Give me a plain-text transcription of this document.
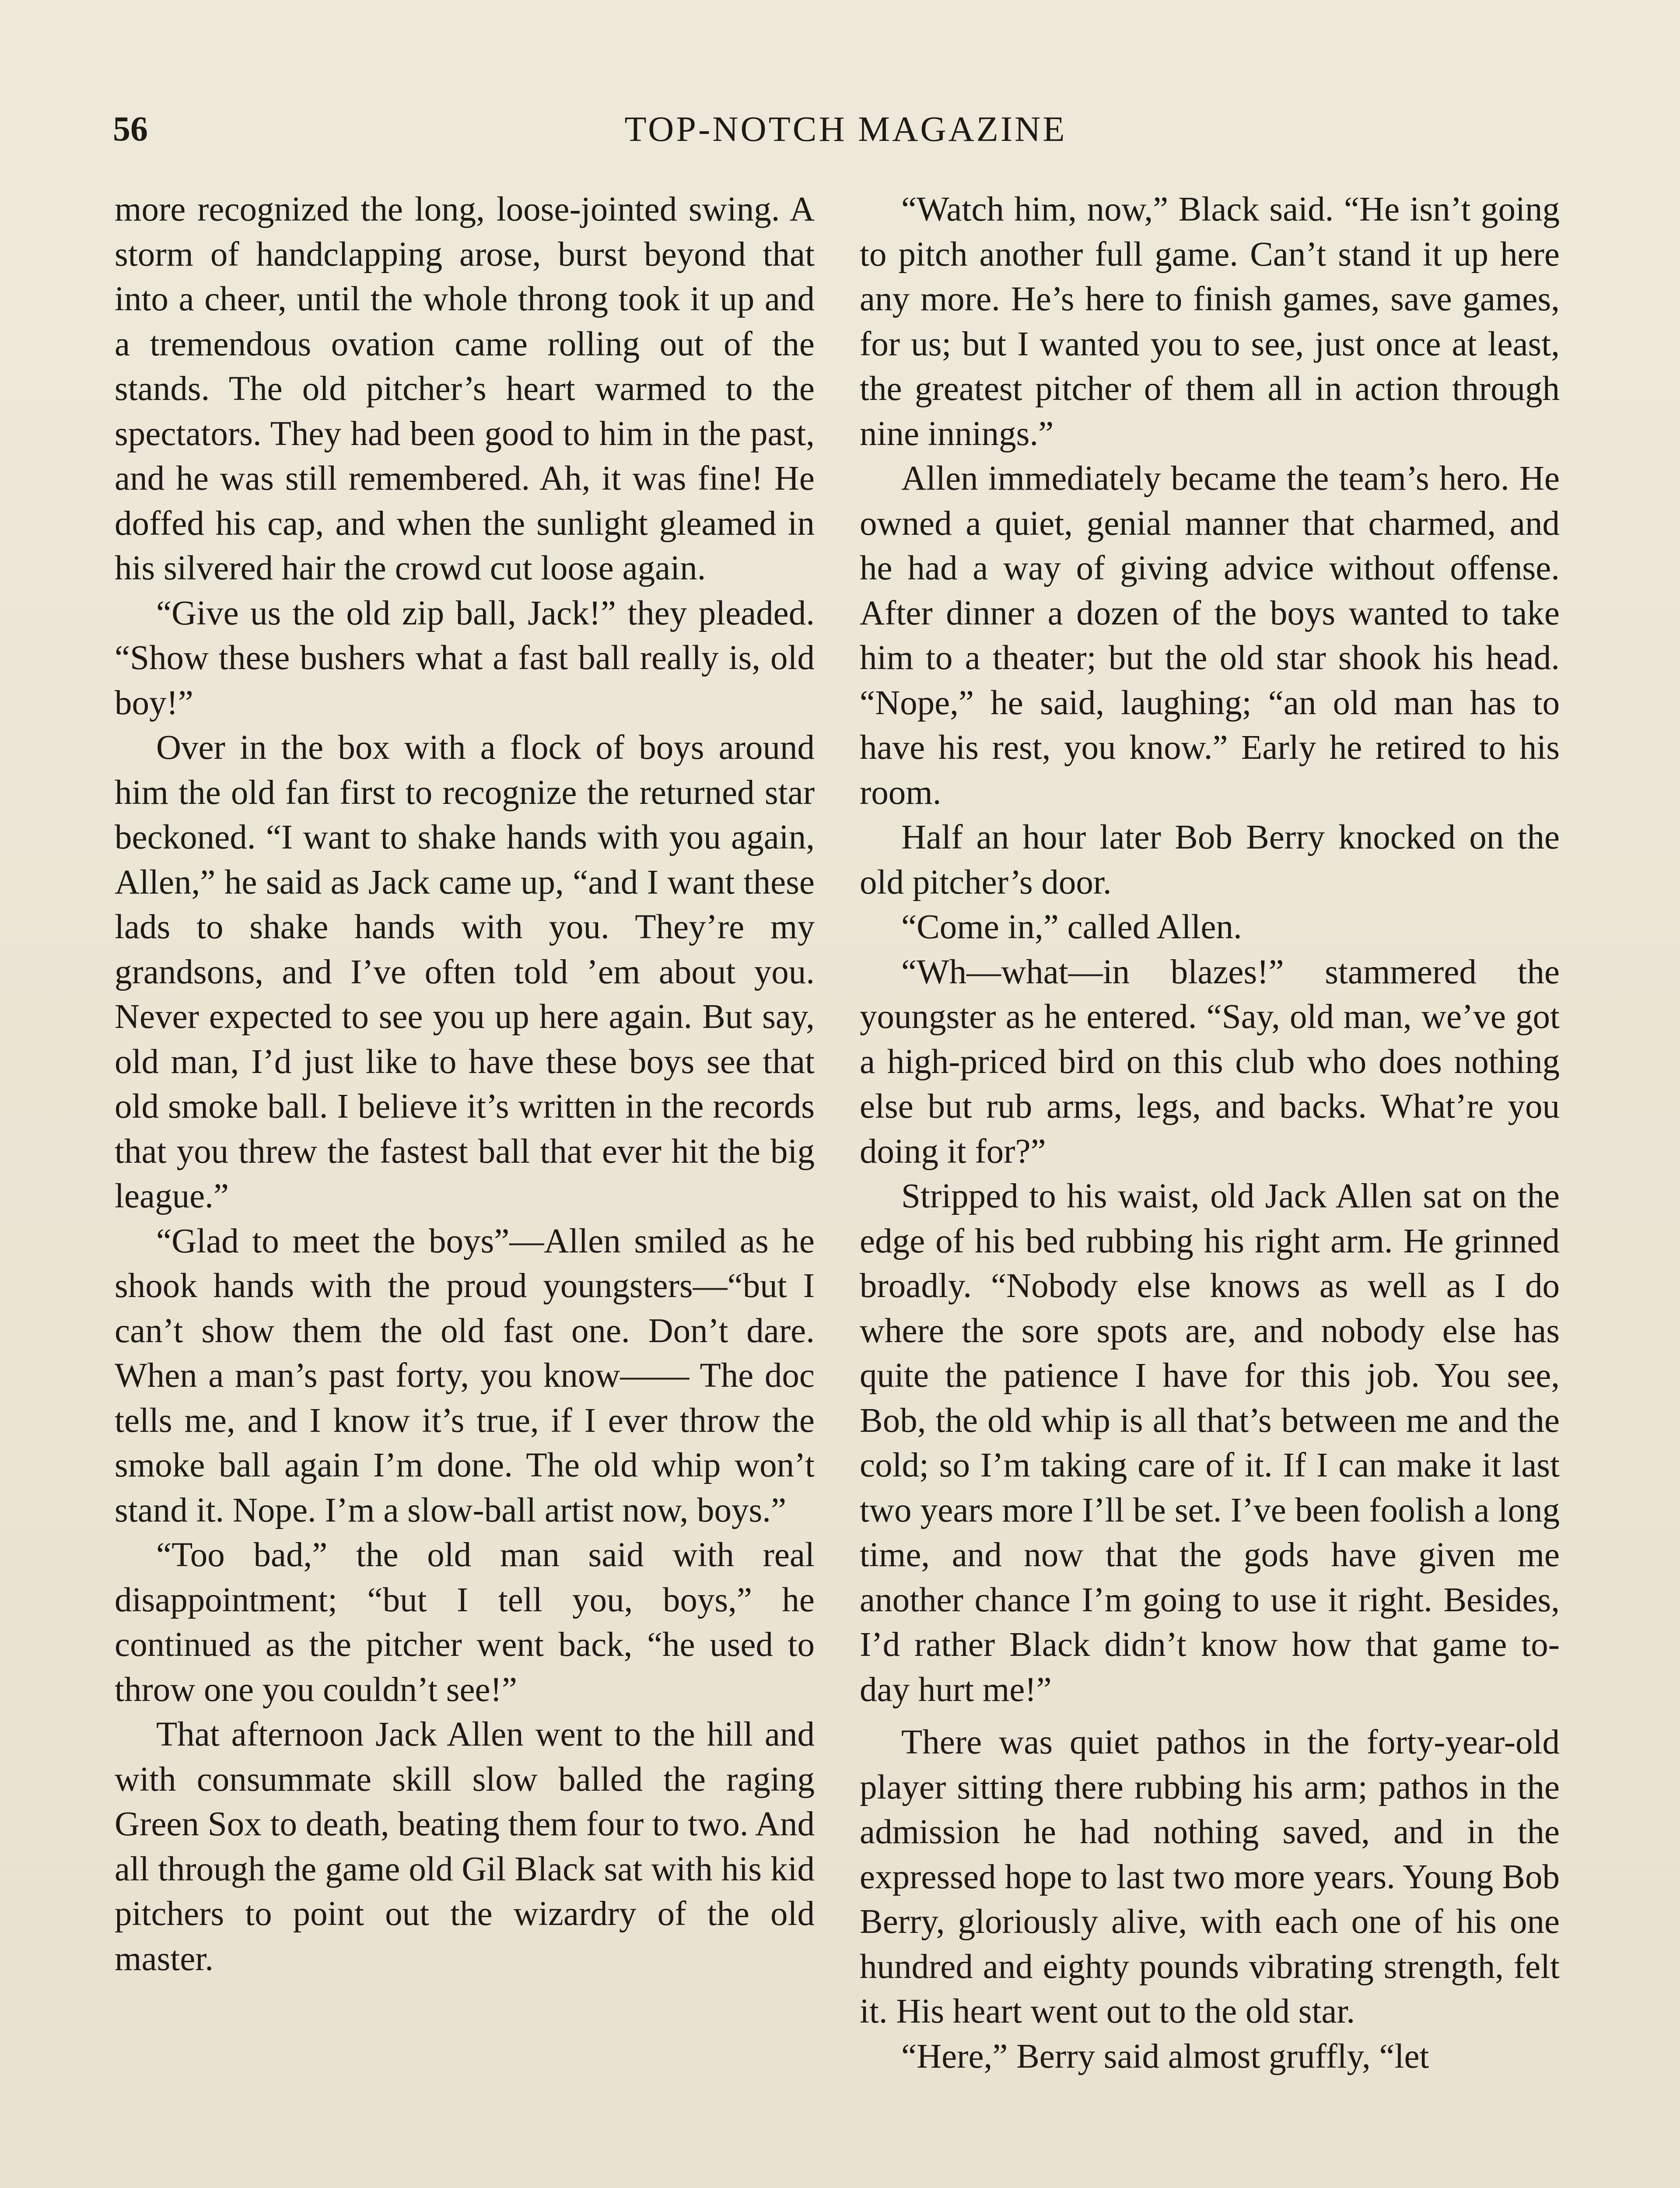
56	TOP-NOTCH MAGAZINE

more recognized the long, loose-jointed swing. A storm of handclapping arose, burst beyond that into a cheer, until the whole throng took it up and a tremendous ovation came rolling out of the stands. The old pitcher’s heart warmed to the spectators. They had been good to him in the past, and he was still remembered. Ah, it was fine! He doffed his cap, and when the sunlight gleamed in his silvered hair the crowd cut loose again.

“Give us the old zip ball, Jack!” they pleaded. “Show these bushers what a fast ball really is, old boy!”

Over in the box with a flock of boys around him the old fan first to recognize the returned star beckoned. “I want to shake hands with you again, Allen,” he said as Jack came up, “and I want these lads to shake hands with you. They’re my grandsons, and I’ve often told ’em about you. Never expected to see you up here again. But say, old man, I’d just like to have these boys see that old smoke ball. I believe it’s written in the records that you threw the fastest ball that ever hit the big league.”

“Glad to meet the boys”—Allen smiled as he shook hands with the proud youngsters—“but I can’t show them the old fast one. Don’t dare. When a man’s past forty, you know—— The doc tells me, and I know it’s true, if I ever throw the smoke ball again I’m done. The old whip won’t stand it. Nope. I’m a slow-ball artist now, boys.”

“Too bad,” the old man said with real disappointment; “but I tell you, boys,” he continued as the pitcher went back, “he used to throw one you couldn’t see!”

That afternoon Jack Allen went to the hill and with consummate skill slow balled the raging Green Sox to death, beating them four to two. And all through the game old Gil Black sat with his kid pitchers to point out the wizardry of the old master.

“Watch him, now,” Black said. “He isn’t going to pitch another full game. Can’t stand it up here any more. He’s here to finish games, save games, for us; but I wanted you to see, just once at least, the greatest pitcher of them all in action through nine innings.”

Allen immediately became the team’s hero. He owned a quiet, genial manner that charmed, and he had a way of giving advice without offense. After dinner a dozen of the boys wanted to take him to a theater; but the old star shook his head. “Nope,” he said, laughing; “an old man has to have his rest, you know.” Early he retired to his room.

Half an hour later Bob Berry knocked on the old pitcher’s door.

“Come in,” called Allen.

“Wh—what—in blazes!” stammered the youngster as he entered. “Say, old man, we’ve got a high-priced bird on this club who does nothing else but rub arms, legs, and backs. What’re you doing it for?”

Stripped to his waist, old Jack Allen sat on the edge of his bed rubbing his right arm. He grinned broadly. “Nobody else knows as well as I do where the sore spots are, and nobody else has quite the patience I have for this job. You see, Bob, the old whip is all that’s between me and the cold; so I’m taking care of it. If I can make it last two years more I’ll be set. I’ve been foolish a long time, and now that the gods have given me another chance I’m going to use it right. Besides, I’d rather Black didn’t know how that game to-day hurt me!”

There was quiet pathos in the forty-year-old player sitting there rubbing his arm; pathos in the admission he had nothing saved, and in the expressed hope to last two more years. Young Bob Berry, gloriously alive, with each one of his one hundred and eighty pounds vibrating strength, felt it. His heart went out to the old star.

“Here,” Berry said almost gruffly, “let
